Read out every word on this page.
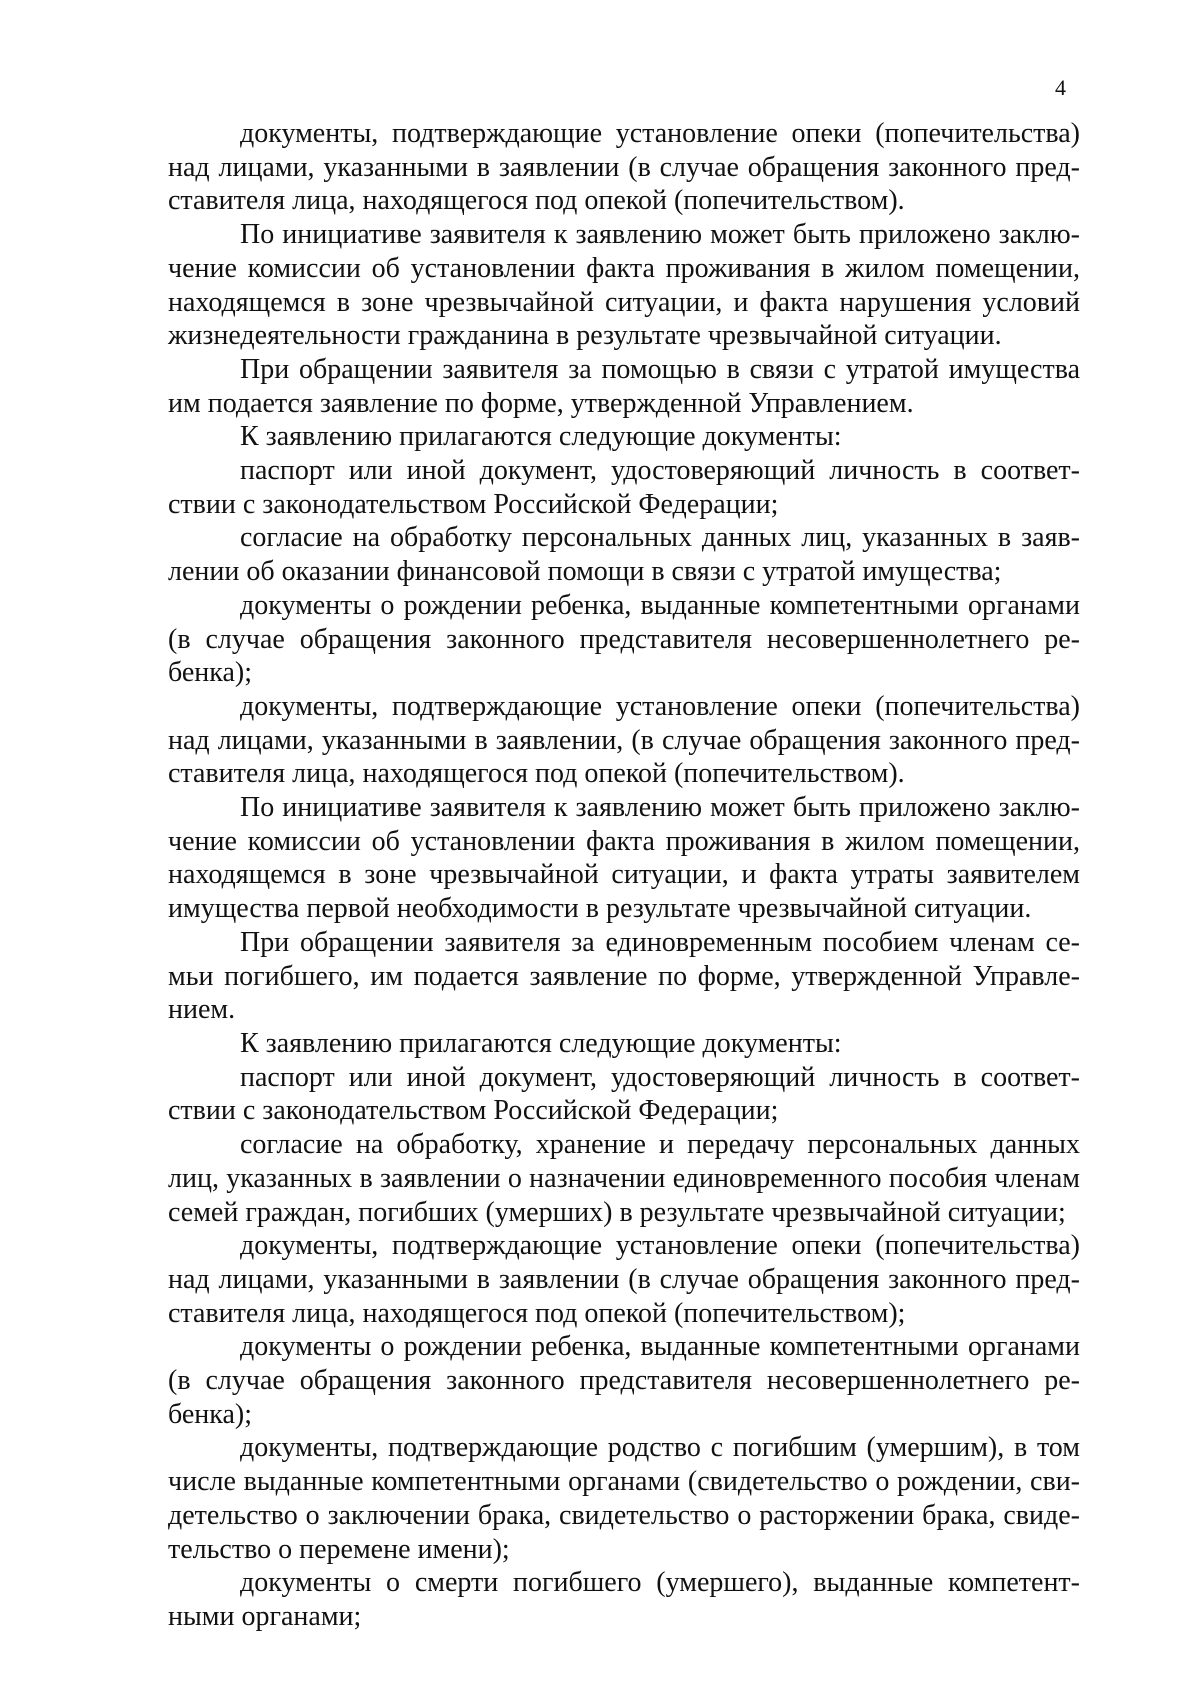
4

документы, подтверждающие установление опеки (попечительства)
над лицами, указанными в заявлении (в случае обращения законного пред-
ставителя лица, находящегося под опекой (попечительством).

По инициативе заявителя к заявлению может быть приложено заклю-
чение комиссии об установлении факта проживания в жилом помещении,
находящемся в зоне чрезвычайной ситуации, и факта нарушения условий
жизнедеятельности гражданина в результате чрезвычайной ситуации.

При обращении заявителя за помощью в связи с утратой имущества
им подается заявление по форме, утвержденной Управлением.

К заявлению прилагаются следующие документы:

паспорт или иной документ, удостоверяющий личность в соответ-
ствии с законодательством Российской Федерации;

согласие на обработку персональных данных лиц, указанных в заяв-
лении об оказании финансовой помощи в связи с утратой имущества;

документы о рождении ребенка, выданные компетентными органами
(в случае обращения законного представителя несовершеннолетнего ре-
бенка);

документы, подтверждающие установление опеки (попечительства)
над лицами, указанными в заявлении, (в случае обращения законного пред-
ставителя лица, находящегося под опекой (попечительством).

По инициативе заявителя к заявлению может быть приложено заклю-
чение комиссии об установлении факта проживания в жилом помещении,
находящемся в зоне чрезвычайной ситуации, и факта утраты заявителем
имущества первой необходимости в результате чрезвычайной ситуации.

При обращении заявителя за единовременным пособием членам се-
мьи погибшего, им подается заявление по форме, утвержденной Управле-
нием.

К заявлению прилагаются следующие документы:

паспорт или иной документ, удостоверяющий личность в соответ-
ствии с законодательством Российской Федерации;

согласие на обработку, хранение и передачу персональных данных
лиц, указанных в заявлении о назначении единовременного пособия членам
семей граждан, погибших (умерших) в результате чрезвычайной ситуации;

документы, подтверждающие установление опеки (попечительства)
над лицами, указанными в заявлении (в случае обращения законного пред-
ставителя лица, находящегося под опекой (попечительством);

документы о рождении ребенка, выданные компетентными органами
(в случае обращения законного представителя несовершеннолетнего ре-
бенка);

документы, подтверждающие родство с погибшим (умершим), в том
числе выданные компетентными органами (свидетельство о рождении, сви-
детельство о заключении брака, свидетельство о расторжении брака, свиде-
тельство о перемене имени);

документы о смерти погибшего (умершего), выданные компетент-
ными органами;
